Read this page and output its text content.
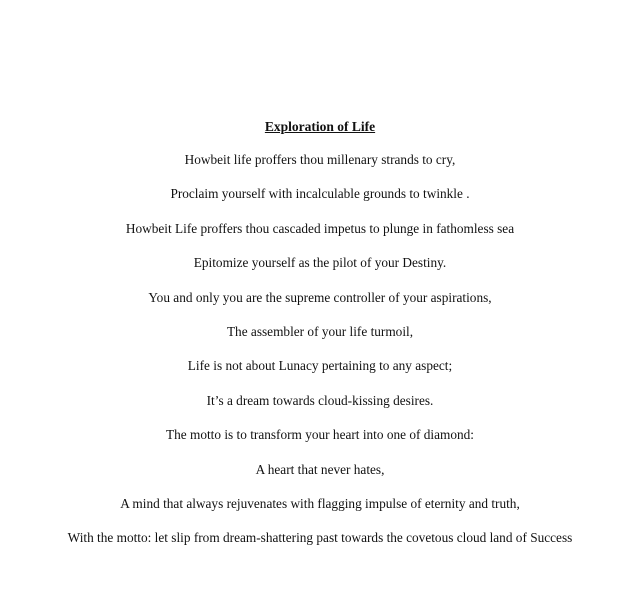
Exploration of Life
Howbeit life proffers thou millenary strands to cry,
Proclaim yourself with incalculable grounds to twinkle .
Howbeit Life proffers thou cascaded impetus to plunge in fathomless sea
Epitomize yourself as the pilot of your Destiny.
You and only you are the supreme controller of your aspirations,
The assembler of your life turmoil,
Life is not about Lunacy pertaining to any aspect;
It’s a dream towards cloud-kissing desires.
The motto is to transform your heart into one of diamond:
A heart that never hates,
A mind that always rejuvenates with flagging impulse of eternity and truth,
With the motto: let slip from dream-shattering past towards the covetous cloud land of Success
